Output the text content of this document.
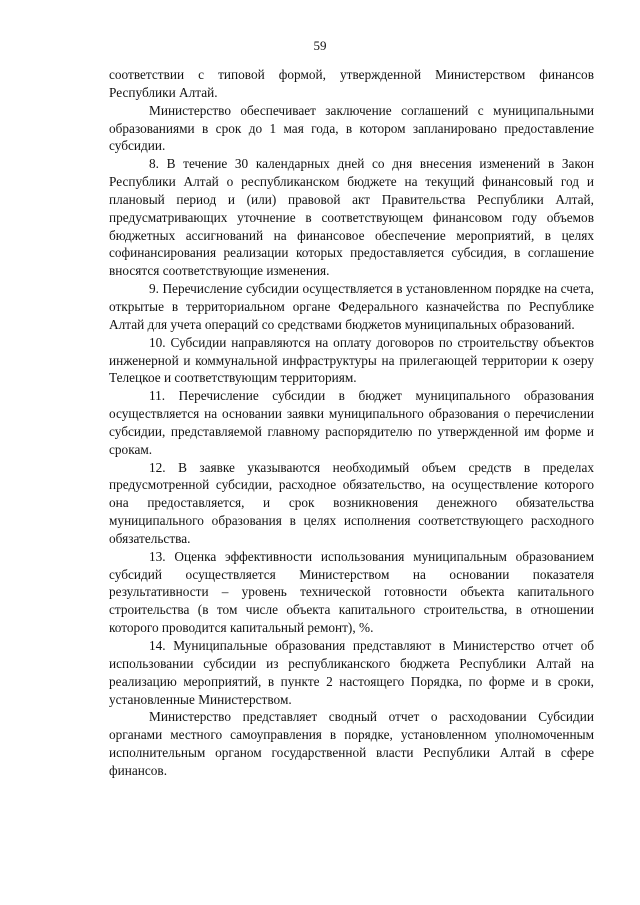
59

соответствии с типовой формой, утвержденной Министерством финансов Республики Алтай.

Министерство обеспечивает заключение соглашений с муниципальными образованиями в срок до 1 мая года, в котором запланировано предоставление субсидии.

8. В течение 30 календарных дней со дня внесения изменений в Закон Республики Алтай о республиканском бюджете на текущий финансовый год и плановый период и (или) правовой акт Правительства Республики Алтай, предусматривающих уточнение в соответствующем финансовом году объемов бюджетных ассигнований на финансовое обеспечение мероприятий, в целях софинансирования реализации которых предоставляется субсидия, в соглашение вносятся соответствующие изменения.

9. Перечисление субсидии осуществляется в установленном порядке на счета, открытые в территориальном органе Федерального казначейства по Республике Алтай для учета операций со средствами бюджетов муниципальных образований.

10. Субсидии направляются на оплату договоров по строительству объектов инженерной и коммунальной инфраструктуры на прилегающей территории к озеру Телецкое и соответствующим территориям.

11. Перечисление субсидии в бюджет муниципального образования осуществляется на основании заявки муниципального образования о перечислении субсидии, представляемой главному распорядителю по утвержденной им форме и срокам.

12. В заявке указываются необходимый объем средств в пределах предусмотренной субсидии, расходное обязательство, на осуществление которого она предоставляется, и срок возникновения денежного обязательства муниципального образования в целях исполнения соответствующего расходного обязательства.

13. Оценка эффективности использования муниципальным образованием субсидий осуществляется Министерством на основании показателя результативности – уровень технической готовности объекта капитального строительства (в том числе объекта капитального строительства, в отношении которого проводится капитальный ремонт), %.

14. Муниципальные образования представляют в Министерство отчет об использовании субсидии из республиканского бюджета Республики Алтай на реализацию мероприятий, в пункте 2 настоящего Порядка, по форме и в сроки, установленные Министерством.

Министерство представляет сводный отчет о расходовании Субсидии органами местного самоуправления в порядке, установленном уполномоченным исполнительным органом государственной власти Республики Алтай в сфере финансов.
